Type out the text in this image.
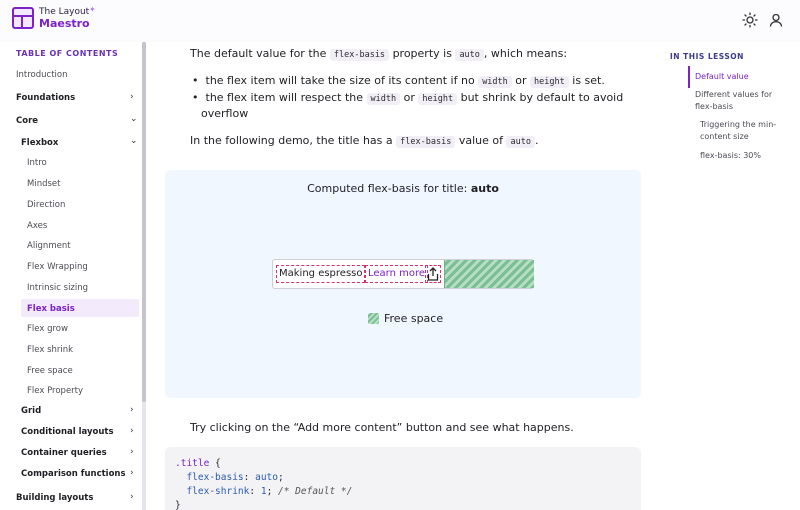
The Layout
Maestro
✦
TABLE OF CONTENTS
Introduction
Foundations	›
Core	⌄
Flexbox	⌄
Intro
Mindset
Direction
Axes
Alignment
Flex Wrapping
Intrinsic sizing
Flex basis
Flex grow
Flex shrink
Free space
Flex Property
Grid	›
Conditional layouts ›
Container queries	›
Comparison functions ›
Building layouts	›
The default value for the flex-basis property is auto , which means:
•  the flex item will take the size of its content if no width or height is set.
•  the flex item will respect the width or height but shrink by default to avoid
overflow
In the following demo, the title has a flex-basis value of auto .
Computed flex-basis for title: auto
Making espresso Learn more
Free space
Try clicking on the “Add more content” button and see what happens.
.title {
flex-basis: auto;
flex-shrink: 1; /* Default */
}
IN THIS LESSON
Default value
Different values for
flex-basis
Triggering the min-
content size
flex-basis: 30%
